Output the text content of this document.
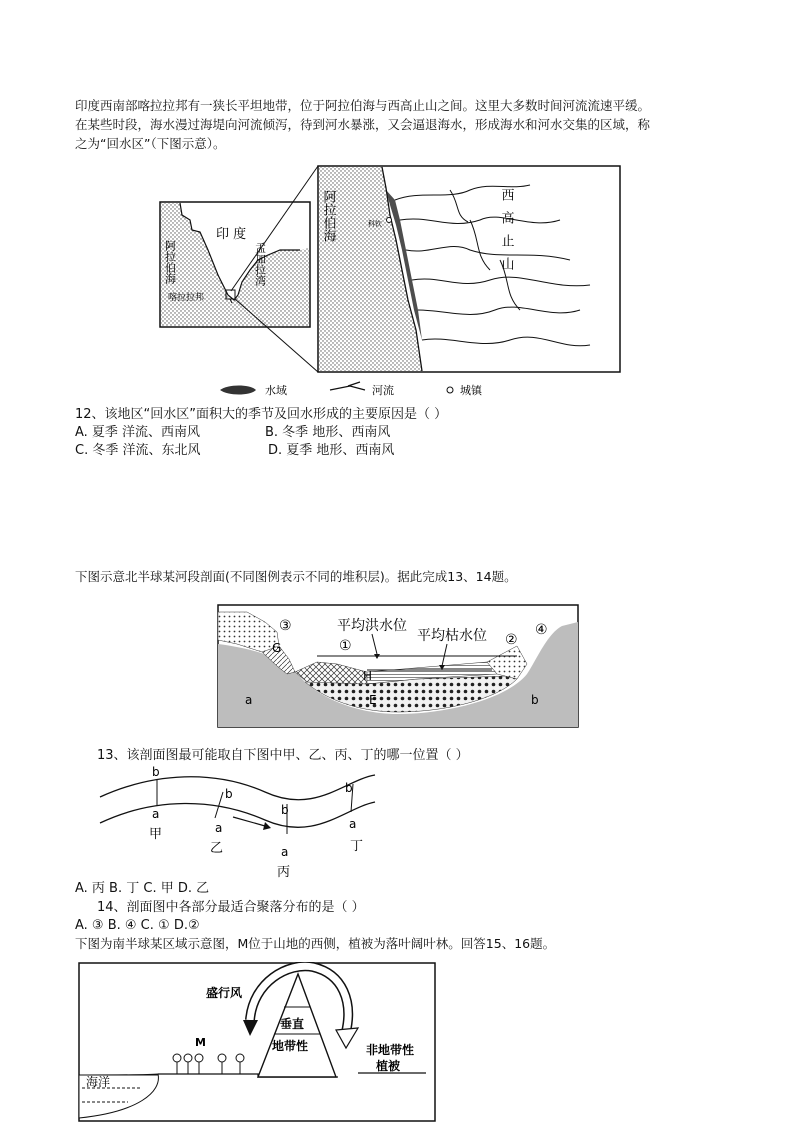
印度西南部喀拉拉邦有一狭长平坦地带，位于阿拉伯海与西高止山之间。这里大多数时间河流流速平缓。
在某些时段，海水漫过海堤向河流倾泻，待到河水暴涨，又会逼退海水，形成海水和河水交集的区域，称
之为“回水区”（下图示意）。
印 度
阿拉伯海	孟加拉湾
喀拉拉邦
阿拉伯海	科钦	西高止山
水域	河流	城镇
12、该地区“回水区”面积大的季节及回水形成的主要原因是（ ）
A. 夏季 洋流、西南风	B. 冬季 地形、西南风
C. 冬季 洋流、东北风	D. 夏季 地形、西南风
下图示意北半球某河段剖面(不同图例表示不同的堆积层)。据此完成13、14题。
平均洪水位
平均枯水位
③
①	②
④
G
H
E
a	b
13、该剖面图最可能取自下图中甲、乙、丙、丁的哪一位置（ ）
b
a
甲
b
a
乙
b
a
丙
b
a
丁
A. 丙 B. 丁 C. 甲 D. 乙
14、剖面图中各部分最适合聚落分布的是（ ）
A. ③ B. ④ C. ① D.②
下图为南半球某区域示意图，M位于山地的西侧，植被为落叶阔叶林。回答15、16题。
海洋
垂直
地带性
盛行风
M
非地带性
植被
